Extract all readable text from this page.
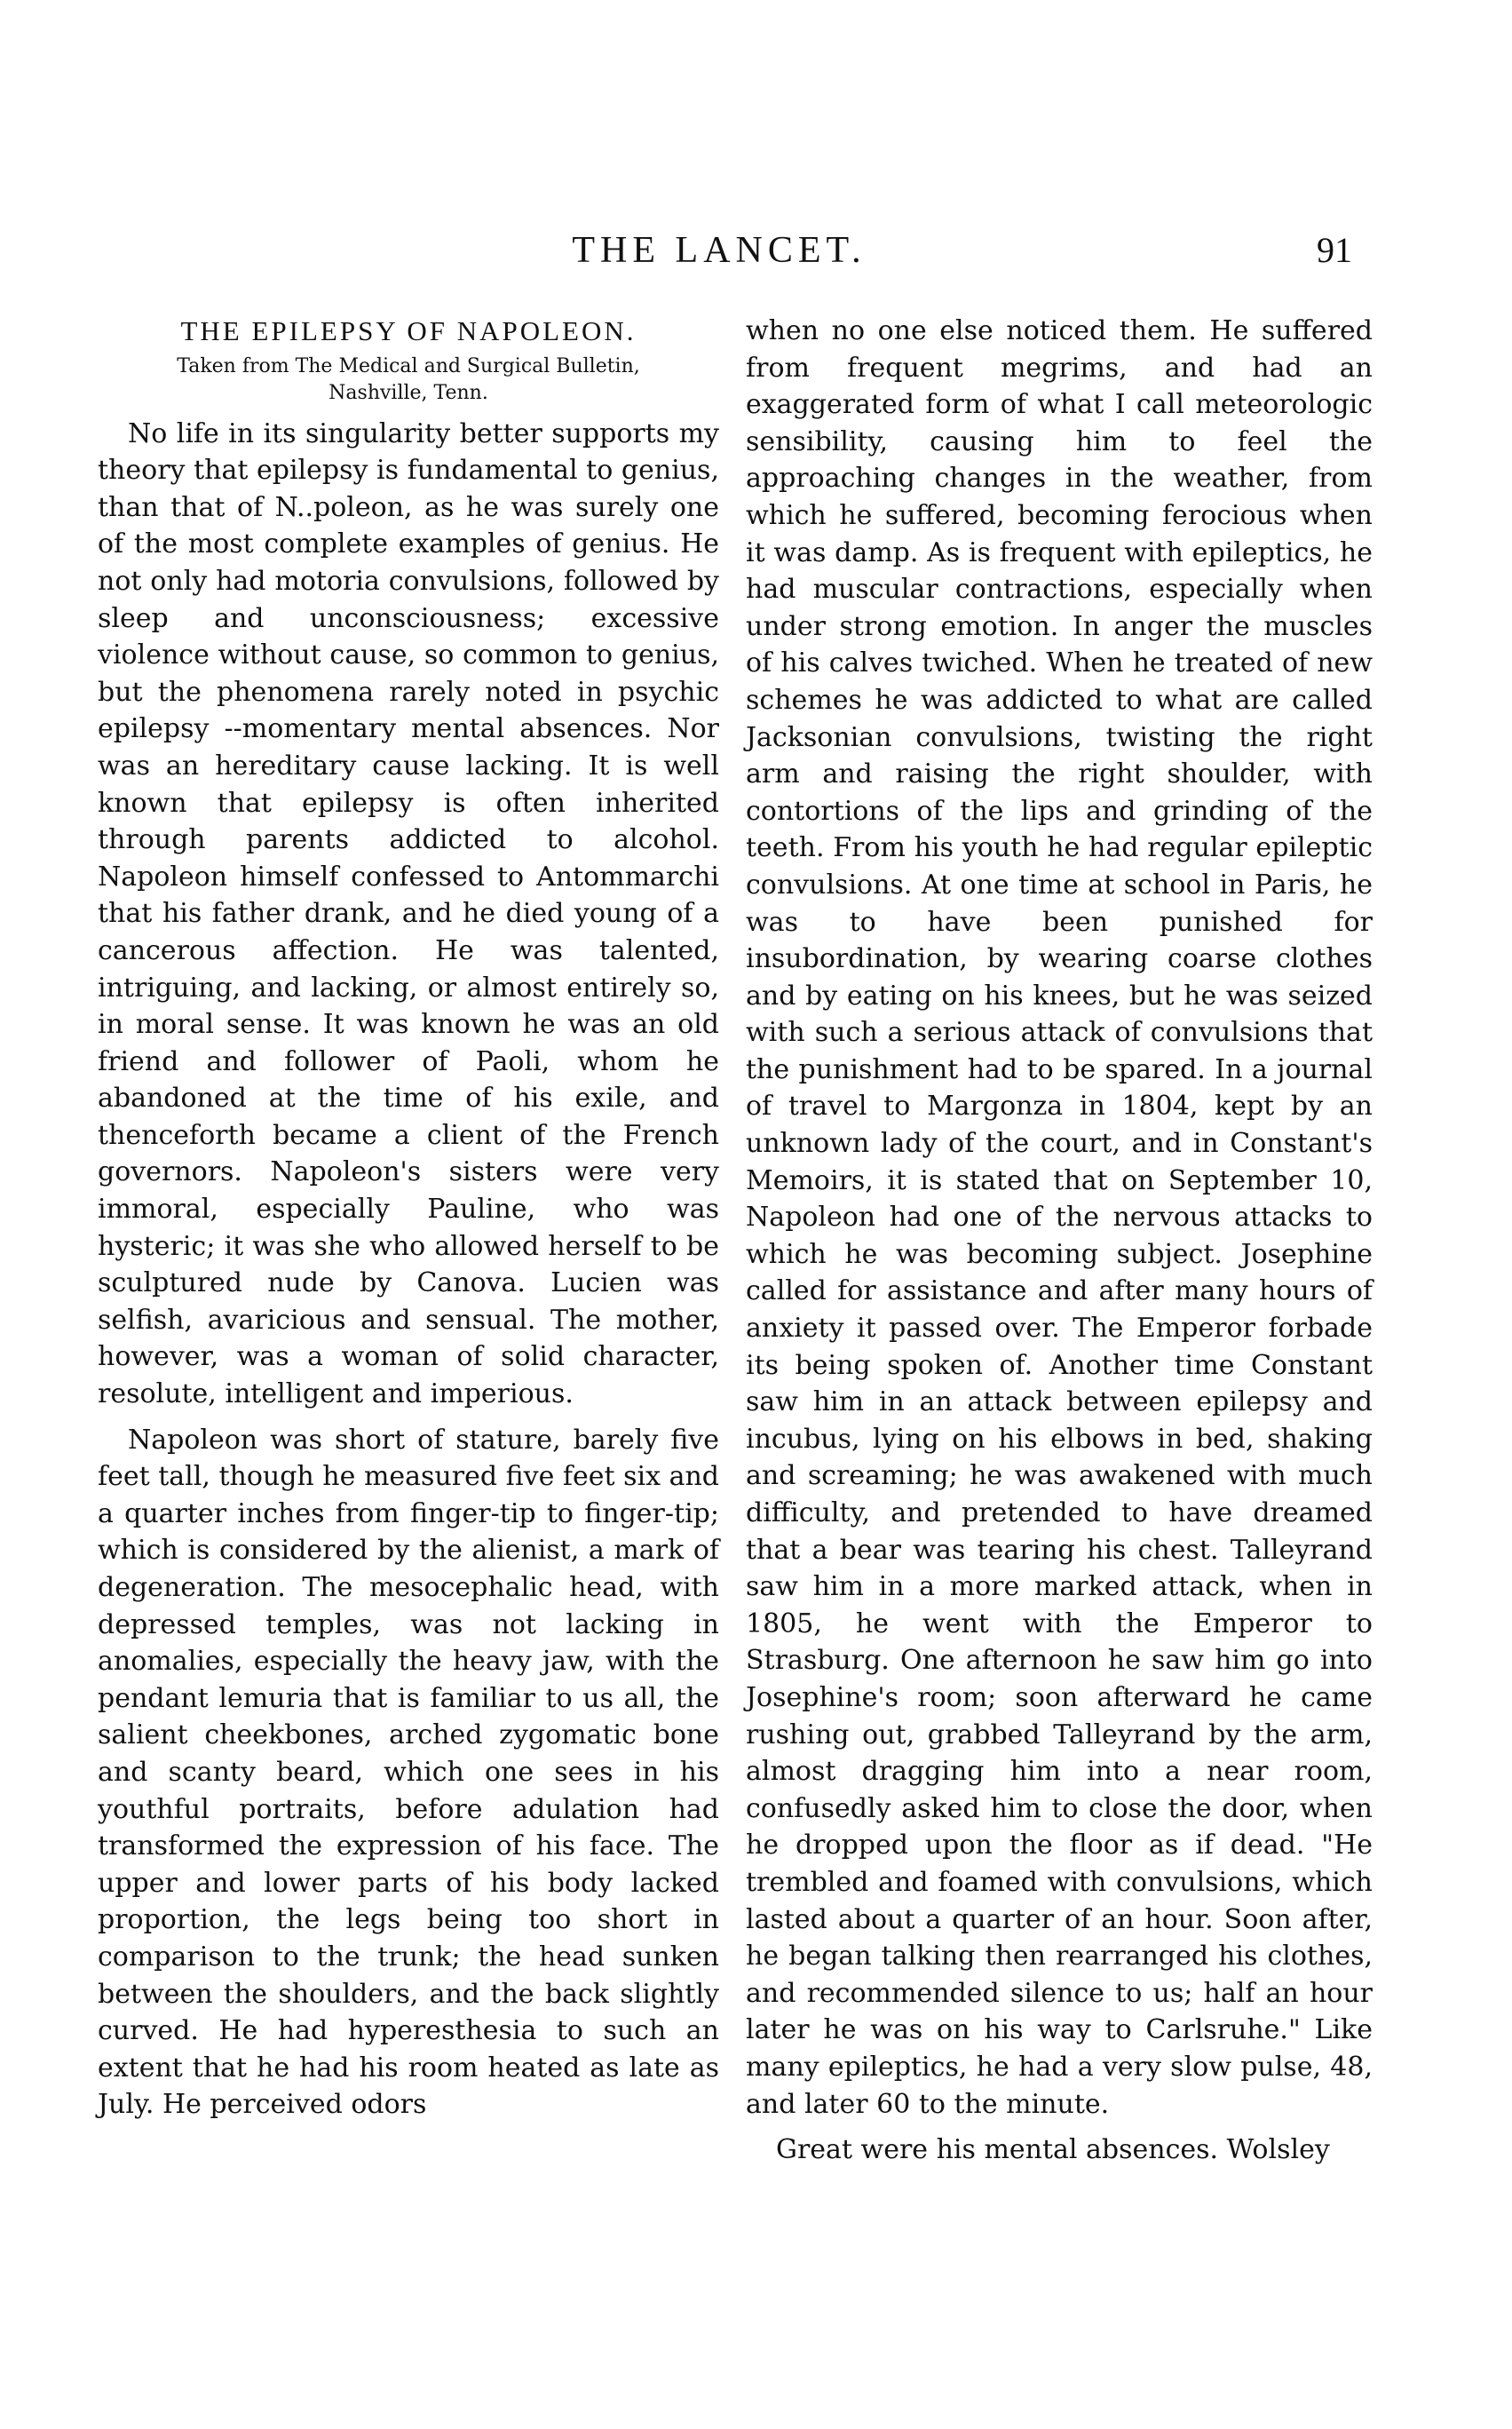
THE LANCET.	91
THE EPILEPSY OF NAPOLEON.
Taken from The Medical and Surgical Bulletin, Nashville, Tenn.

No life in its singularity better supports my theory that epilepsy is fundamental to genius, than that of N..poleon, as he was surely one of the most complete examples of genius. He not only had motoria convulsions, followed by sleep and unconsciousness; excessive violence without cause, so common to genius, but the phenomena rarely noted in psychic epilepsy --momentary mental absences. Nor was an hereditary cause lacking. It is well known that epilepsy is often inherited through parents addicted to alcohol. Napoleon himself confessed to Antommarchi that his father drank, and he died young of a cancerous affection. He was talented, intriguing, and lacking, or almost entirely so, in moral sense. It was known he was an old friend and follower of Paoli, whom he abandoned at the time of his exile, and thenceforth became a client of the French governors. Napoleon's sisters were very immoral, especially Pauline, who was hysteric; it was she who allowed herself to be sculptured nude by Canova. Lucien was selfish, avaricious and sensual. The mother, however, was a woman of solid character, resolute, intelligent and imperious.

Napoleon was short of stature, barely five feet tall, though he measured five feet six and a quarter inches from finger-tip to finger-tip; which is considered by the alienist, a mark of degeneration. The mesocephalic head, with depressed temples, was not lacking in anomalies, especially the heavy jaw, with the pendant lemuria that is familiar to us all, the salient cheekbones, arched zygomatic bone and scanty beard, which one sees in his youthful portraits, before adulation had transformed the expression of his face. The upper and lower parts of his body lacked proportion, the legs being too short in comparison to the trunk; the head sunken between the shoulders, and the back slightly curved. He had hyperesthesia to such an extent that he had his room heated as late as July. He perceived odors

when no one else noticed them. He suffered from frequent megrims, and had an exaggerated form of what I call meteorologic sensibility, causing him to feel the approaching changes in the weather, from which he suffered, becoming ferocious when it was damp. As is frequent with epileptics, he had muscular contractions, especially when under strong emotion. In anger the muscles of his calves twiched. When he treated of new schemes he was addicted to what are called Jacksonian convulsions, twisting the right arm and raising the right shoulder, with contortions of the lips and grinding of the teeth. From his youth he had regular epileptic convulsions. At one time at school in Paris, he was to have been punished for insubordination, by wearing coarse clothes and by eating on his knees, but he was seized with such a serious attack of convulsions that the punishment had to be spared. In a journal of travel to Margonza in 1804, kept by an unknown lady of the court, and in Constant's Memoirs, it is stated that on September 10, Napoleon had one of the nervous attacks to which he was becoming subject. Josephine called for assistance and after many hours of anxiety it passed over. The Emperor forbade its being spoken of. Another time Constant saw him in an attack between epilepsy and incubus, lying on his elbows in bed, shaking and screaming; he was awakened with much difficulty, and pretended to have dreamed that a bear was tearing his chest. Talleyrand saw him in a more marked attack, when in 1805, he went with the Emperor to Strasburg. One afternoon he saw him go into Josephine's room; soon afterward he came rushing out, grabbed Talleyrand by the arm, almost dragging him into a near room, confusedly asked him to close the door, when he dropped upon the floor as if dead. "He trembled and foamed with convulsions, which lasted about a quarter of an hour. Soon after, he began talking then rearranged his clothes, and recommended silence to us; half an hour later he was on his way to Carlsruhe." Like many epileptics, he had a very slow pulse, 48, and later 60 to the minute.

Great were his mental absences. Wolsley
